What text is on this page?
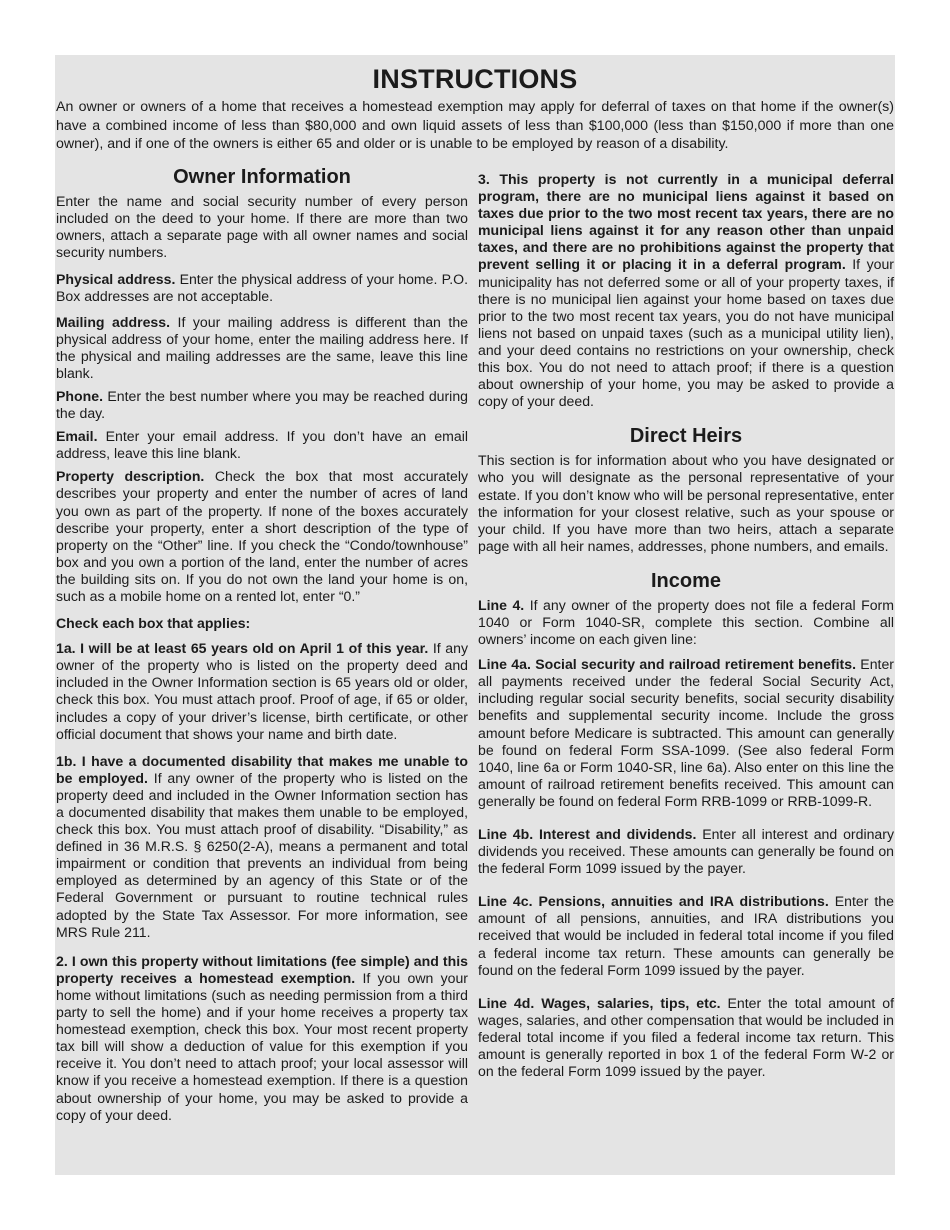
INSTRUCTIONS
An owner or owners of a home that receives a homestead exemption may apply for deferral of taxes on that home if the owner(s) have a combined income of less than $80,000 and own liquid assets of less than $100,000 (less than $150,000 if more than one owner), and if one of the owners is either 65 and older or is unable to be employed by reason of a disability.
Owner Information

Enter the name and social security number of every person included on the deed to your home. If there are more than two owners, attach a separate page with all owner names and social security numbers.

Physical address. Enter the physical address of your home. P.O. Box addresses are not acceptable.

Mailing address. If your mailing address is different than the physical address of your home, enter the mailing address here. If the physical and mailing addresses are the same, leave this line blank.

Phone. Enter the best number where you may be reached during the day.

Email. Enter your email address. If you don’t have an email address, leave this line blank.

Property description. Check the box that most accurately describes your property and enter the number of acres of land you own as part of the property. If none of the boxes accurately describe your property, enter a short description of the type of property on the “Other” line. If you check the “Condo/townhouse” box and you own a portion of the land, enter the number of acres the building sits on. If you do not own the land your home is on, such as a mobile home on a rented lot, enter “0.”

Check each box that applies:

1a. I will be at least 65 years old on April 1 of this year. If any owner of the property who is listed on the property deed and included in the Owner Information section is 65 years old or older, check this box. You must attach proof. Proof of age, if 65 or older, includes a copy of your driver’s license, birth certificate, or other official document that shows your name and birth date.

1b. I have a documented disability that makes me unable to be employed. If any owner of the property who is listed on the property deed and included in the Owner Information section has a documented disability that makes them unable to be employed, check this box. You must attach proof of disability. “Disability,” as defined in 36 M.R.S. § 6250(2-A), means a permanent and total impairment or condition that prevents an individual from being employed as determined by an agency of this State or of the Federal Government or pursuant to routine technical rules adopted by the State Tax Assessor. For more information, see MRS Rule 211.

2. I own this property without limitations (fee simple) and this property receives a homestead exemption. If you own your home without limitations (such as needing permission from a third party to sell the home) and if your home receives a property tax homestead exemption, check this box. Your most recent property tax bill will show a deduction of value for this exemption if you receive it. You don’t need to attach proof; your local assessor will know if you receive a homestead exemption. If there is a question about ownership of your home, you may be asked to provide a copy of your deed.

3. This property is not currently in a municipal deferral program, there are no municipal liens against it based on taxes due prior to the two most recent tax years, there are no municipal liens against it for any reason other than unpaid taxes, and there are no prohibitions against the property that prevent selling it or placing it in a deferral program. If your municipality has not deferred some or all of your property taxes, if there is no municipal lien against your home based on taxes due prior to the two most recent tax years, you do not have municipal liens not based on unpaid taxes (such as a municipal utility lien), and your deed contains no restrictions on your ownership, check this box. You do not need to attach proof; if there is a question about ownership of your home, you may be asked to provide a copy of your deed.

Direct Heirs

This section is for information about who you have designated or who you will designate as the personal representative of your estate. If you don’t know who will be personal representative, enter the information for your closest relative, such as your spouse or your child. If you have more than two heirs, attach a separate page with all heir names, addresses, phone numbers, and emails.

Income

Line 4. If any owner of the property does not file a federal Form 1040 or Form 1040-SR, complete this section. Combine all owners’ income on each given line:

Line 4a. Social security and railroad retirement benefits. Enter all payments received under the federal Social Security Act, including regular social security benefits, social security disability benefits and supplemental security income. Include the gross amount before Medicare is subtracted. This amount can generally be found on federal Form SSA-1099. (See also federal Form 1040, line 6a or Form 1040-SR, line 6a). Also enter on this line the amount of railroad retirement benefits received. This amount can generally be found on federal Form RRB-1099 or RRB-1099-R.

Line 4b. Interest and dividends. Enter all interest and ordinary dividends you received. These amounts can generally be found on the federal Form 1099 issued by the payer.

Line 4c. Pensions, annuities and IRA distributions. Enter the amount of all pensions, annuities, and IRA distributions you received that would be included in federal total income if you filed a federal income tax return. These amounts can generally be found on the federal Form 1099 issued by the payer.

Line 4d. Wages, salaries, tips, etc. Enter the total amount of wages, salaries, and other compensation that would be included in federal total income if you filed a federal income tax return. This amount is generally reported in box 1 of the federal Form W-2 or on the federal Form 1099 issued by the payer.
